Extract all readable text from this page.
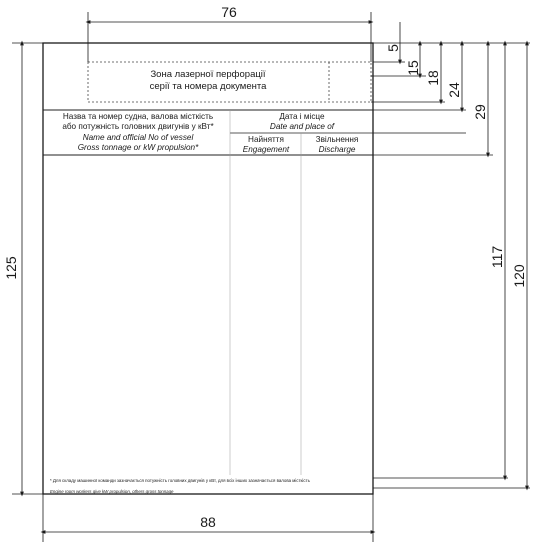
Зона лазерної перфорації
серії та номера документа
Назва та номер судна, валова місткість
або потужність головних двигунів у кВт*
Name and official No of vessel
Gross tonnage or kW propulsion*
Дата і місце
Date and place of
Найняття
Engagement
Звільнення
Discharge
* Для складу машинної команди зазначається потужність головних двигунів у кВт, для всіх інших зазначається валова місткість
Engine room workers give kW propulsion, others gross tonnage
76
88
125
5
15
18
24
29
117
120
